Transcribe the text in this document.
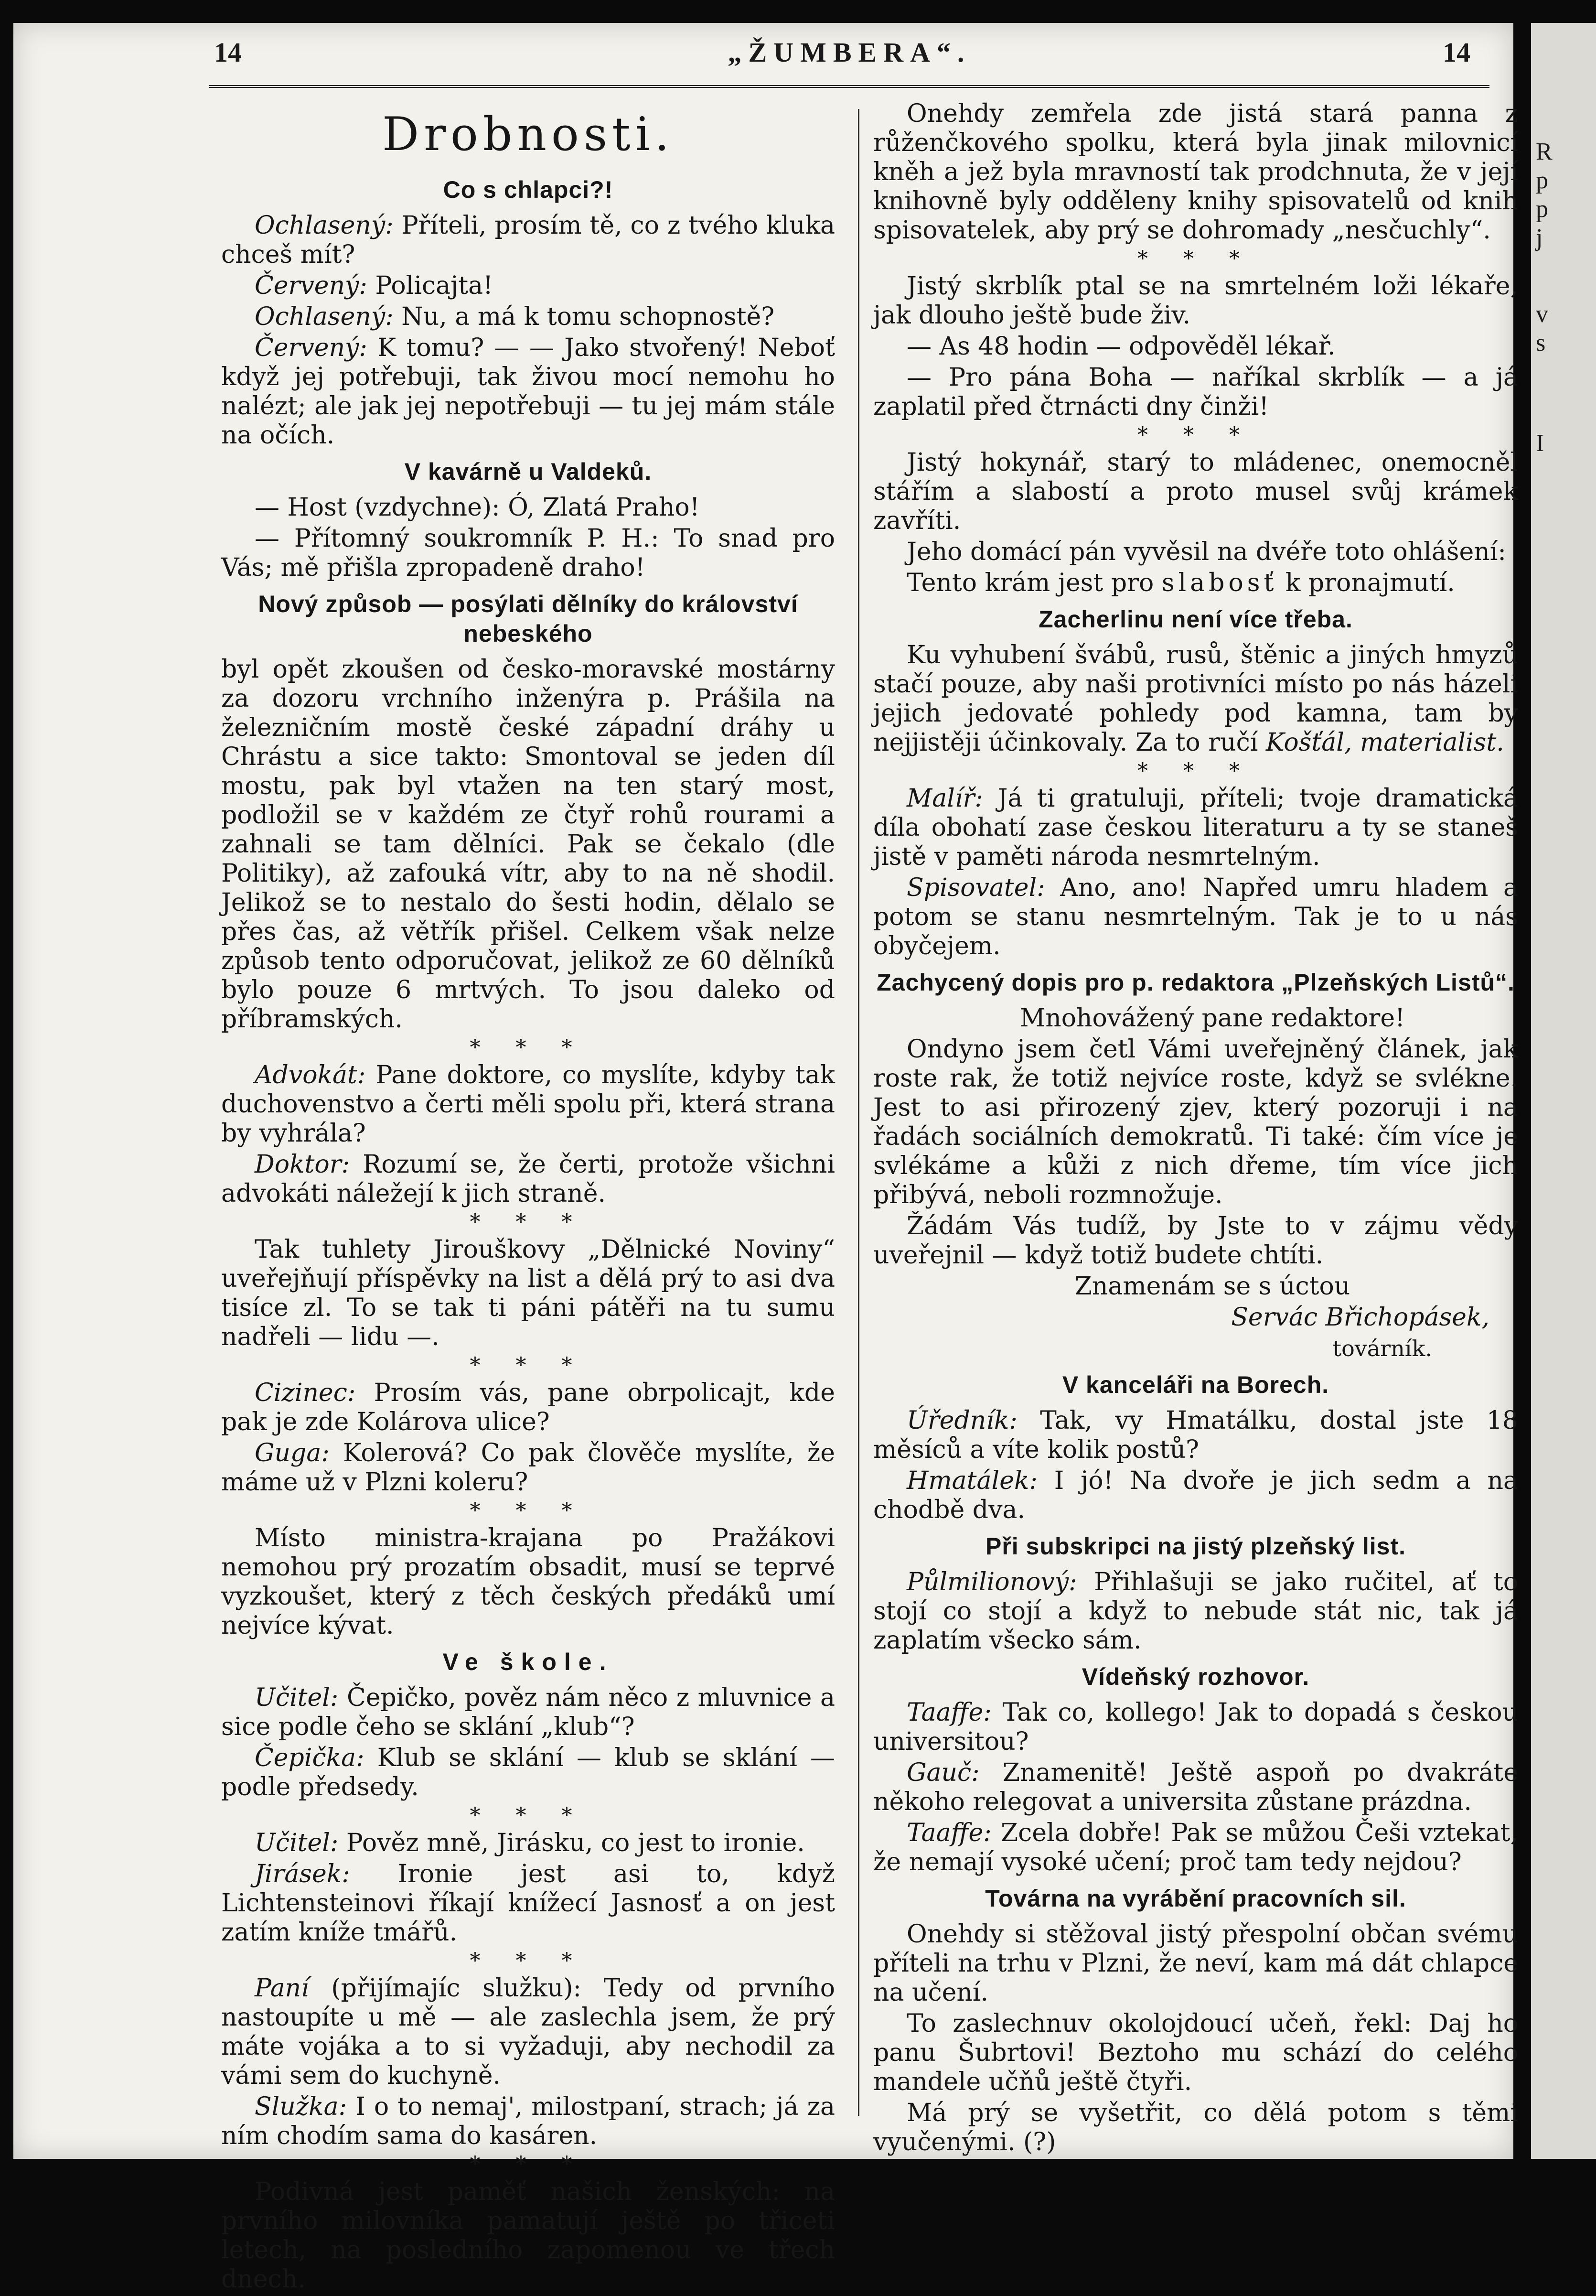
14	„ŽUMBERA“.	14
Drobnosti.
Co s chlapci?!

Ochlasený: Příteli, prosím tě, co z tvého kluka chceš mít?

Červený: Policajta!

Ochlasený: Nu, a má k tomu schopnostě?

Červený: K tomu? — — Jako stvořený! Neboť když jej potřebuji, tak živou mocí nemohu ho nalézt; ale jak jej nepotřebuji — tu jej mám stále na očích.

V kavárně u Valdeků.

— Host (vzdychne): Ó, Zlatá Praho!

— Přítomný soukromník P. H.: To snad pro Vás; mě přišla zpropadeně draho!

Nový způsob — posýlati dělníky do království nebeského

byl opět zkoušen od česko-moravské mostárny za dozoru vrchního inženýra p. Prášila na železničním mostě české západní dráhy u Chrástu a sice takto: Smontoval se jeden díl mostu, pak byl vtažen na ten starý most, podložil se v každém ze čtyř rohů rourami a zahnali se tam dělníci. Pak se čekalo (dle Politiky), až zafouká vítr, aby to na ně shodil. Jelikož se to nestalo do šesti hodin, dělalo se přes čas, až větřík přišel. Celkem však nelze způsob tento odporučovat, jelikož ze 60 dělníků bylo pouze 6 mrtvých. To jsou daleko od příbramských.

* * *

Advokát: Pane doktore, co myslíte, kdyby tak duchovenstvo a čerti měli spolu při, která strana by vyhrála?

Doktor: Rozumí se, že čerti, protože všichni advokáti náležejí k jich straně.

* * *

Tak tuhlety Jirouškovy „Dělnické Noviny“ uveřejňují příspěvky na list a dělá prý to asi dva tisíce zl. To se tak ti páni pátěři na tu sumu nadřeli — lidu —.

* * *

Cizinec: Prosím vás, pane obrpolicajt, kde pak je zde Kolárova ulice?

Guga: Kolerová? Co pak člověče myslíte, že máme už v Plzni koleru?

* * *

Místo ministra-krajana po Pražákovi nemohou prý prozatím obsadit, musí se teprvé vyzkoušet, který z těch českých předáků umí nejvíce kývat.

Ve škole.

Učitel: Čepičko, pověz nám něco z mluvnice a sice podle čeho se sklání „klub“?

Čepička: Klub se sklání — klub se sklání — podle předsedy.

* * *

Učitel: Pověz mně, Jirásku, co jest to ironie.

Jirásek: Ironie jest asi to, když Lichtensteinovi říkají knížecí Jasnosť a on jest zatím kníže tmářů.

* * *

Paní (přijímajíc služku): Tedy od prvního nastoupíte u mě — ale zaslechla jsem, že prý máte vojáka a to si vyžaduji, aby nechodil za vámi sem do kuchyně.

Služka: I o to nemaj', milostpaní, strach; já za ním chodím sama do kasáren.

* * *

Podivná jest paměť našich ženských: na prvního milovníka pamatují ještě po třiceti letech, na posledního zapomenou ve třech dnech.

Onehdy zemřela zde jistá stará panna z růženčkového spolku, která byla jinak milovnicí kněh a jež byla mravností tak prodchnuta, že v její knihovně byly odděleny knihy spisovatelů od knih spisovatelek, aby prý se dohromady „nesčuchly“.

* * *

Jistý skrblík ptal se na smrtelném loži lékaře, jak dlouho ještě bude živ.

— As 48 hodin — odpověděl lékař.

— Pro pána Boha — naříkal skrblík — a já zaplatil před čtrnácti dny činži!

* * *

Jistý hokynář, starý to mládenec, onemocněl stářím a slabostí a proto musel svůj krámek zavříti.

Jeho domácí pán vyvěsil na dvéře toto ohlášení:

Tento krám jest pro slabosť k pronajmutí.

Zacherlinu není více třeba.

Ku vyhubení švábů, rusů, štěnic a jiných hmyzů stačí pouze, aby naši protivníci místo po nás házeli jejich jedovaté pohledy pod kamna, tam by nejjistěji účinkovaly. Za to ručí Košťál, materialist.

* * *

Malíř: Já ti gratuluji, příteli; tvoje dramatická díla obohatí zase českou literaturu a ty se staneš jistě v paměti národa nesmrtelným.

Spisovatel: Ano, ano! Napřed umru hladem a potom se stanu nesmrtelným. Tak je to u nás obyčejem.

Zachycený dopis pro p. redaktora „Plzeňských Listů“.

Mnohovážený pane redaktore!

Ondyno jsem četl Vámi uveřejněný článek, jak roste rak, že totiž nejvíce roste, když se svlékne. Jest to asi přirozený zjev, který pozoruji i na řadách sociálních demokratů. Ti také: čím více je svlékáme a kůži z nich dřeme, tím více jich přibývá, neboli rozmnožuje.

Žádám Vás tudíž, by Jste to v zájmu vědy uveřejnil — když totiž budete chtíti.

Znamenám se s úctou

Servác Břichopásek,

továrník.

V kanceláři na Borech.

Úředník: Tak, vy Hmatálku, dostal jste 18 měsíců a víte kolik postů?

Hmatálek: I jó! Na dvoře je jich sedm a na chodbě dva.

Při subskripci na jistý plzeňský list.

Půlmilionový: Přihlašuji se jako ručitel, ať to stojí co stojí a když to nebude stát nic, tak já zaplatím všecko sám.

Vídeňský rozhovor.

Taaffe: Tak co, kollego! Jak to dopadá s českou universitou?

Gauč: Znamenitě! Ještě aspoň po dvakráte někoho relegovat a universita zůstane prázdna.

Taaffe: Zcela dobře! Pak se můžou Češi vztekat, že nemají vysoké učení; proč tam tedy nejdou?

Továrna na vyrábění pracovních sil.

Onehdy si stěžoval jistý přespolní občan svému příteli na trhu v Plzni, že neví, kam má dát chlapce na učení.

To zaslechnuv okolojdoucí učeň, řekl: Daj ho panu Šubrtovi! Beztoho mu schází do celého mandele učňů ještě čtyři.

Má prý se vyšetřit, co dělá potom s těmi vyučenými. (?)

R
p
p
j
v
s
I
